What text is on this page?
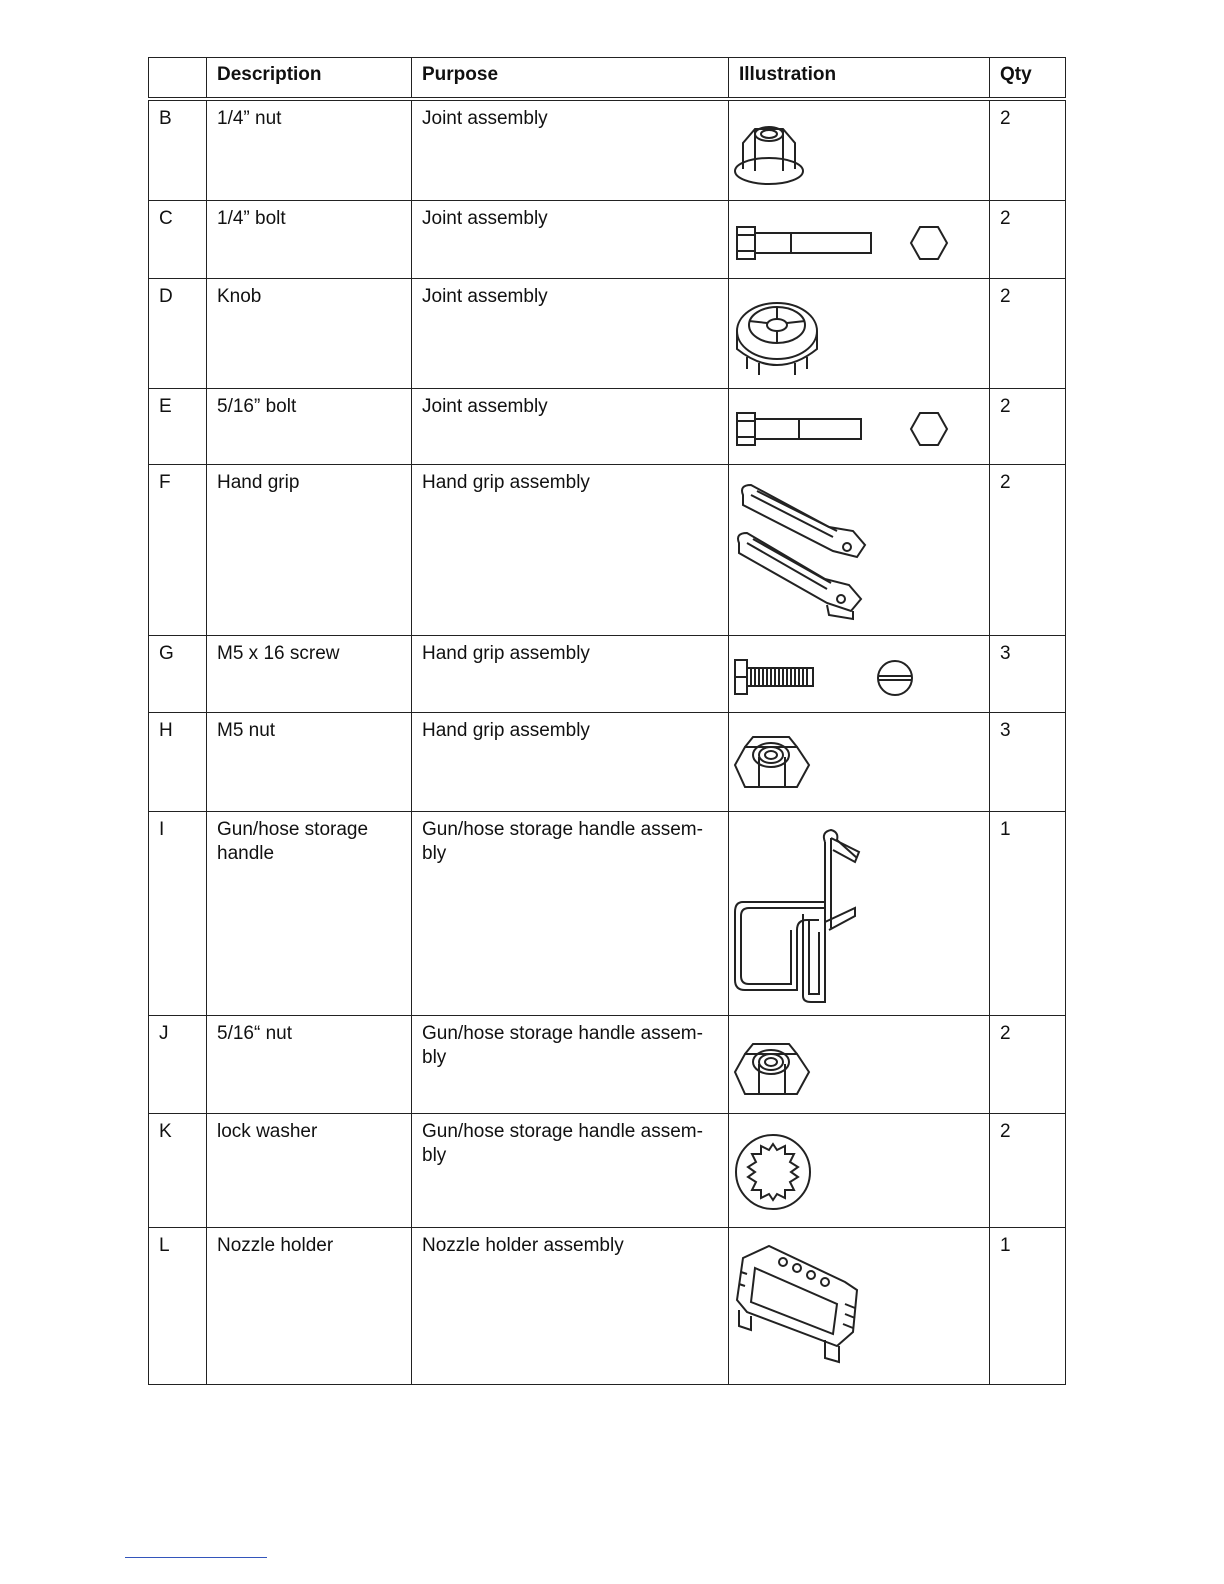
	Description	Purpose	Illustration	Qty
B	1/4” nut	Joint assembly		2
C	1/4” bolt	Joint assembly		2
D	Knob	Joint assembly		2
E	5/16” bolt	Joint assembly		2
F	Hand grip	Hand grip assembly		2
G	M5 x 16 screw	Hand grip assembly		3
H	M5 nut	Hand grip assembly		3
I	Gun/hose storage handle	Gun/hose storage handle assem-bly		1
J	5/16“ nut	Gun/hose storage handle assem-bly		2
K	lock washer	Gun/hose storage handle assem-bly		2
L	Nozzle holder	Nozzle holder assembly		1
